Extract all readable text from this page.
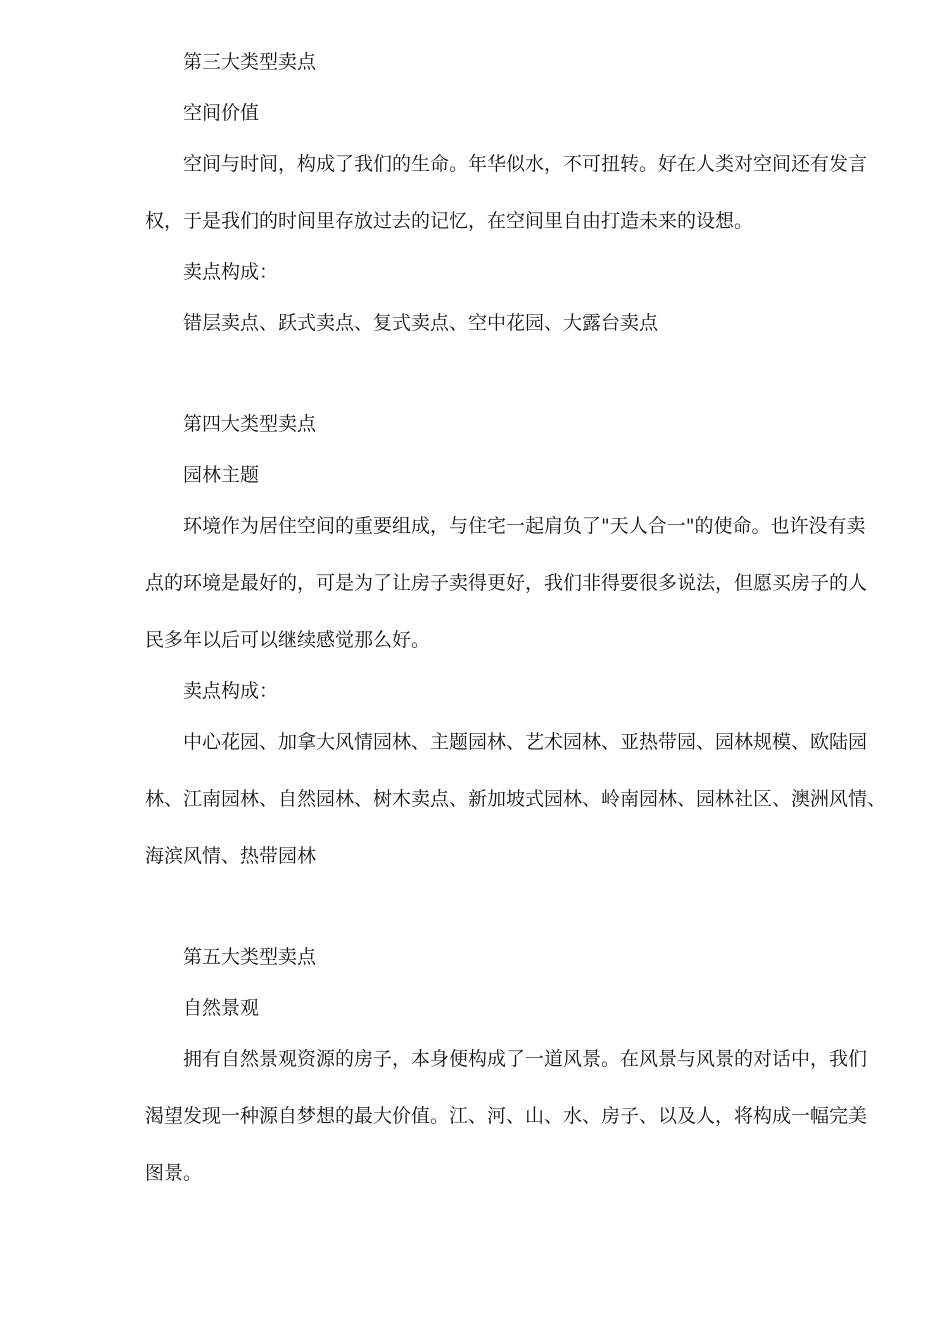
第三大类型卖点
空间价值
空间与时间，构成了我们的生命。年华似水，不可扭转。好在人类对空间还有发言
权，于是我们的时间里存放过去的记忆，在空间里自由打造未来的设想。
卖点构成：
错层卖点、跃式卖点、复式卖点、空中花园、大露台卖点
第四大类型卖点
园林主题
环境作为居住空间的重要组成，与住宅一起肩负了"天人合一"的使命。也许没有卖
点的环境是最好的，可是为了让房子卖得更好，我们非得要很多说法，但愿买房子的人
民多年以后可以继续感觉那么好。
卖点构成：
中心花园、加拿大风情园林、主题园林、艺术园林、亚热带园、园林规模、欧陆园
林、江南园林、自然园林、树木卖点、新加坡式园林、岭南园林、园林社区、澳洲风情、
海滨风情、热带园林
第五大类型卖点
自然景观
拥有自然景观资源的房子，本身便构成了一道风景。在风景与风景的对话中，我们
渴望发现一种源自梦想的最大价值。江、河、山、水、房子、以及人，将构成一幅完美
图景。
